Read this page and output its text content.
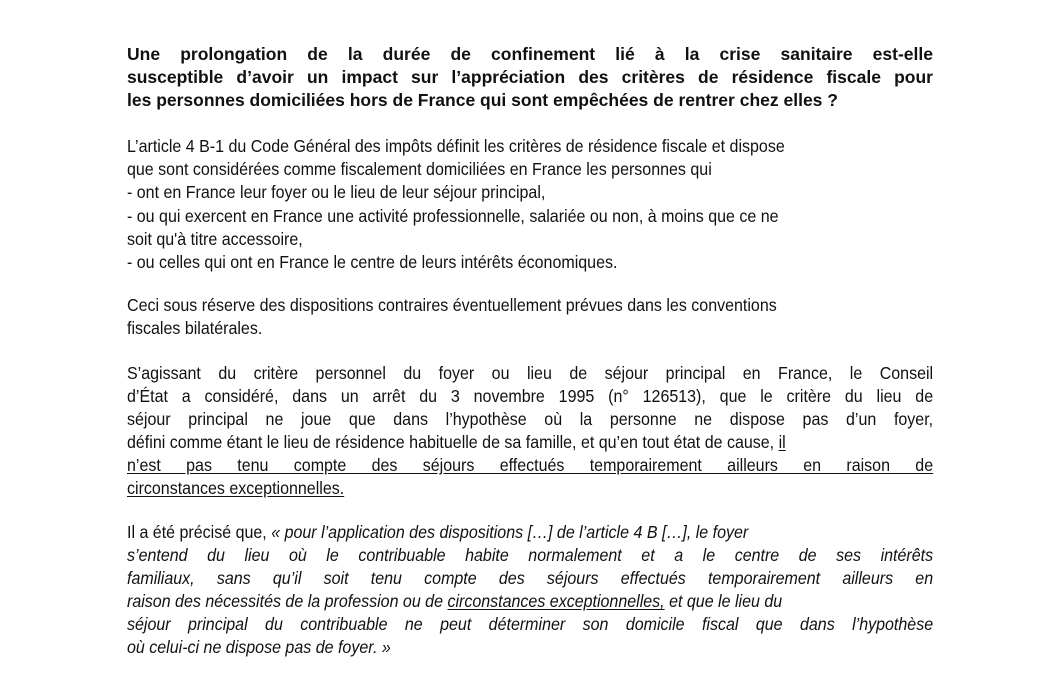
Une prolongation de la durée de confinement lié à la crise sanitaire est-elle
susceptible d’avoir un impact sur l’appréciation des critères de résidence fiscale pour
les personnes domiciliées hors de France qui sont empêchées de rentrer chez elles ?
L’article 4 B-1 du Code Général des impôts définit les critères de résidence fiscale et dispose
que sont considérées comme fiscalement domiciliées en France les personnes qui
- ont en France leur foyer ou le lieu de leur séjour principal,
- ou qui exercent en France une activité professionnelle, salariée ou non, à moins que ce ne
soit qu'à titre accessoire,
- ou celles qui ont en France le centre de leurs intérêts économiques.
Ceci sous réserve des dispositions contraires éventuellement prévues dans les conventions
fiscales bilatérales.
S’agissant du critère personnel du foyer ou lieu de séjour principal en France, le Conseil
d’État a considéré, dans un arrêt du 3 novembre 1995 (n° 126513), que le critère du lieu de
séjour principal ne joue que dans l’hypothèse où la personne ne dispose pas d’un foyer,
défini comme étant le lieu de résidence habituelle de sa famille, et qu’en tout état de cause, il
n’est pas tenu compte des séjours effectués temporairement ailleurs en raison de
circonstances exceptionnelles.
Il a été précisé que, « pour l’application des dispositions […] de l’article 4 B […], le foyer
s’entend du lieu où le contribuable habite normalement et a le centre de ses intérêts
familiaux, sans qu’il soit tenu compte des séjours effectués temporairement ailleurs en
raison des nécessités de la profession ou de circonstances exceptionnelles, et que le lieu du
séjour principal du contribuable ne peut déterminer son domicile fiscal que dans l’hypothèse
où celui-ci ne dispose pas de foyer. »
